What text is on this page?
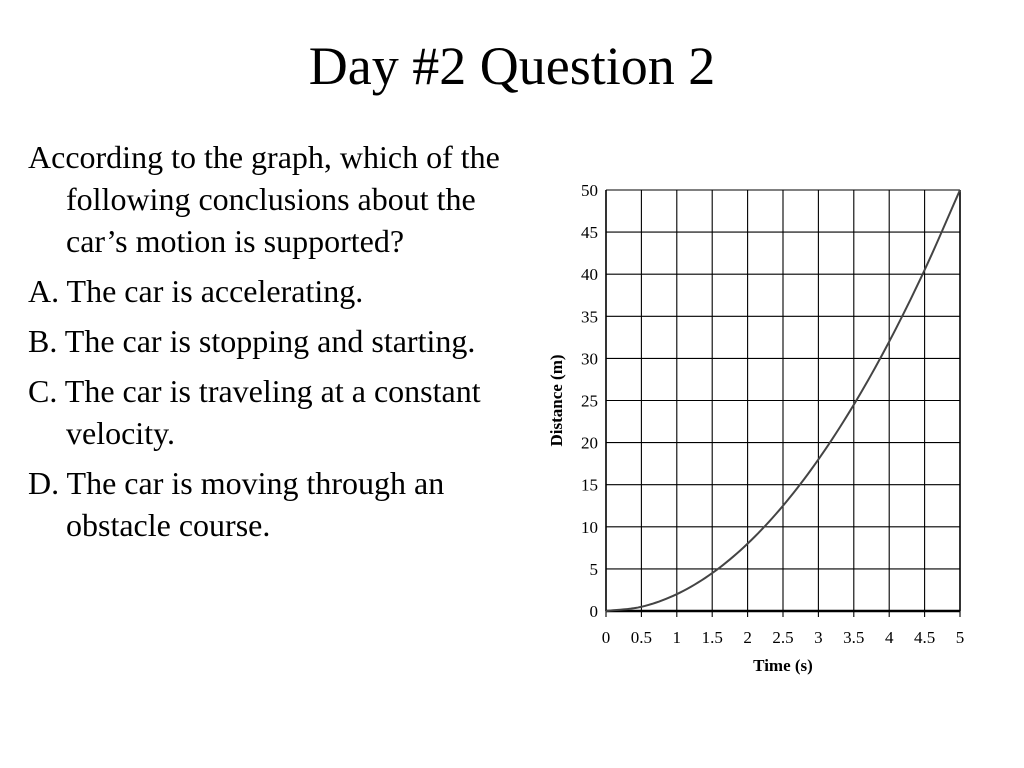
Day #2 Question 2

According to the graph, which of the following conclusions about the car’s motion is supported?

A. The car is accelerating.

B. The car is stopping and starting.

C. The car is traveling at a constant velocity.

D. The car is moving through an obstacle course.

0 0.5 1 1.5 2 2.5 3 3.5 4 4.5 5
0
5
10
15
20
25
30
35
40
45
50
Time (s)
Distance (m)
